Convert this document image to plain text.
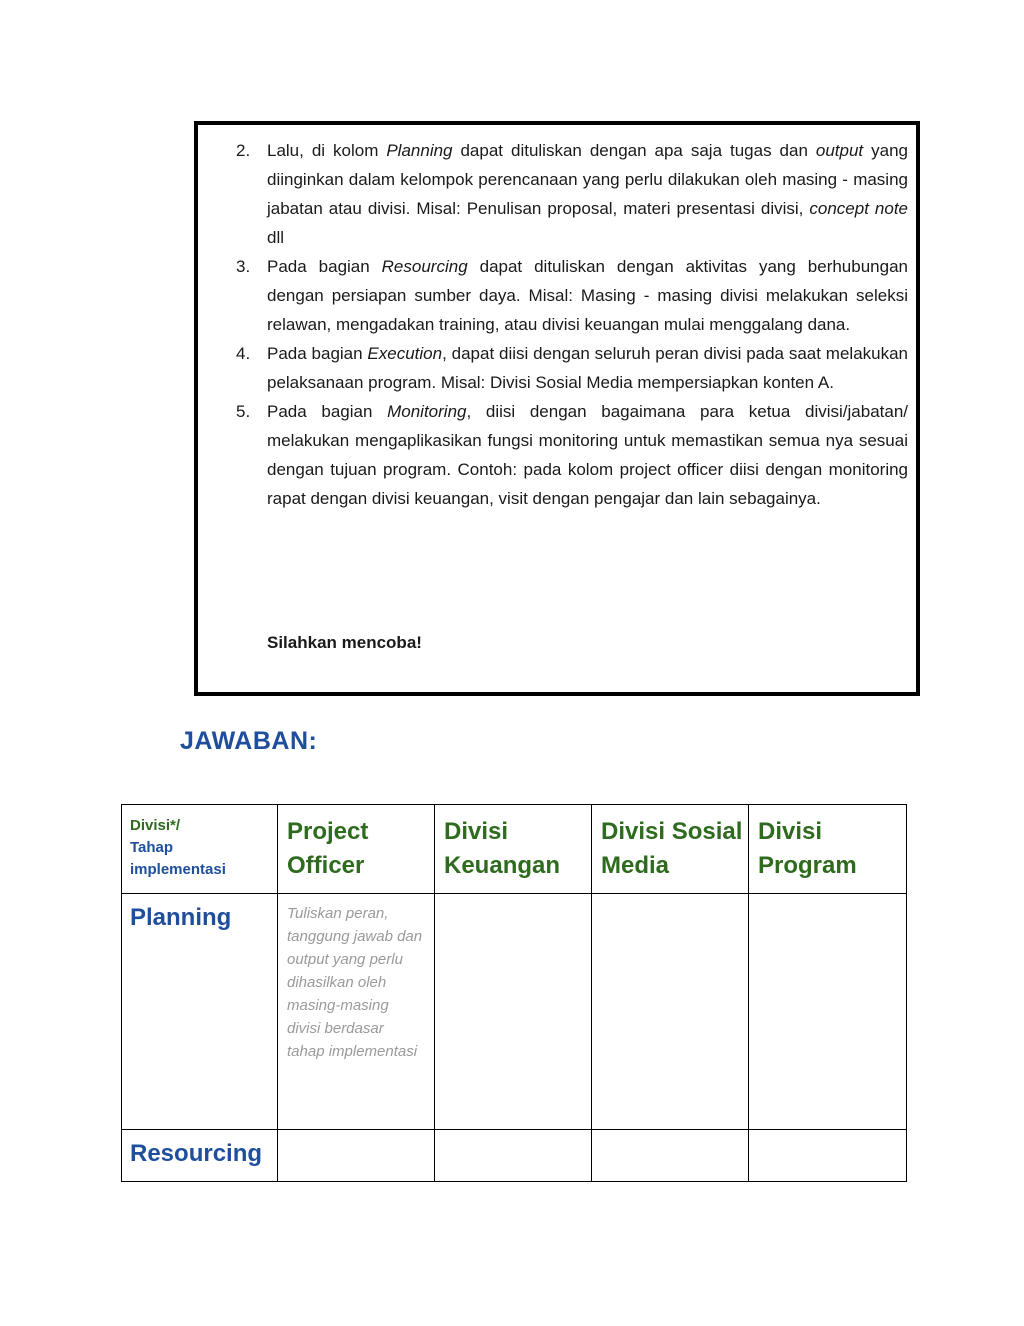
2. Lalu, di kolom Planning dapat dituliskan dengan apa saja tugas dan output yang diinginkan dalam kelompok perencanaan yang perlu dilakukan oleh masing - masing jabatan atau divisi. Misal: Penulisan proposal, materi presentasi divisi, concept note dll
3. Pada bagian Resourcing dapat dituliskan dengan aktivitas yang berhubungan dengan persiapan sumber daya. Misal: Masing - masing divisi melakukan seleksi relawan, mengadakan training, atau divisi keuangan mulai menggalang dana.
4. Pada bagian Execution, dapat diisi dengan seluruh peran divisi pada saat melakukan pelaksanaan program. Misal: Divisi Sosial Media mempersiapkan konten A.
5. Pada bagian Monitoring, diisi dengan bagaimana para ketua divisi/jabatan/ melakukan mengaplikasikan fungsi monitoring untuk memastikan semua nya sesuai dengan tujuan program. Contoh: pada kolom project officer diisi dengan monitoring rapat dengan divisi keuangan, visit dengan pengajar dan lain sebagainya.
Silahkan mencoba!
JAWABAN:
Divisi*/
Tahap
implementasi	Project Officer	Divisi Keuangan	Divisi Sosial Media	Divisi Program

Planning	Tuliskan peran, tanggung jawab dan output yang perlu dihasilkan oleh masing-masing divisi berdasar tahap implementasi			

Resourcing				
